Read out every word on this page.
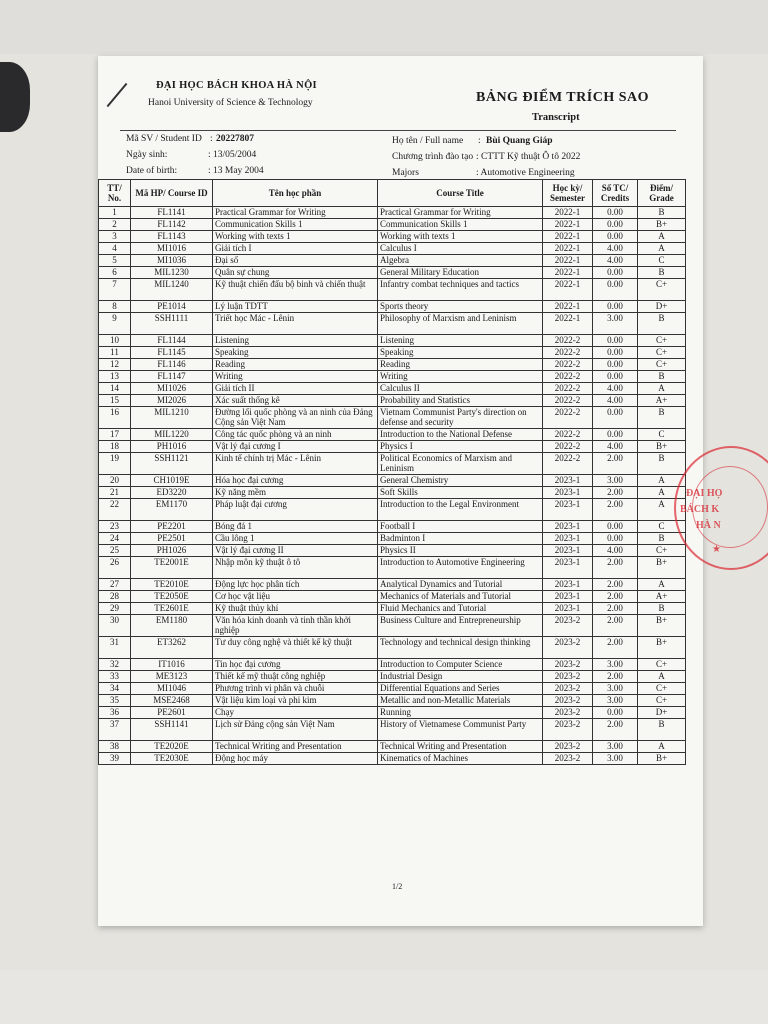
ĐẠI HỌC BÁCH KHOA HÀ NỘI
Hanoi University of Science & Technology	BẢNG ĐIỂM TRÍCH SAO
Transcript
Mã SV / Student ID : 20227807
Ngày sinh:	: 13/05/2004
Date of birth:	: 13 May 2004
Họ tên / Full name : Bùi Quang Giáp
Chương trình đào tạo : CTTT Kỹ thuật Ô tô 2022
Majors	: Automotive Engineering
TT/ No.	Mã HP/ Course ID	Tên học phần	Course Title	Học kỳ/ Semester	Số TC/ Credits	Điểm/ Grade
1	FL1141	Practical Grammar for Writing	Practical Grammar for Writing	2022-1	0.00	B
2	FL1142	Communication Skills 1	Communication Skills 1	2022-1	0.00	B+
3	FL1143	Working with texts 1	Working with texts 1	2022-1	0.00	A
4	MI1016	Giải tích I	Calculus I	2022-1	4.00	A
5	MI1036	Đại số	Algebra	2022-1	4.00	C
6	MIL1230	Quân sự chung	General Military Education	2022-1	0.00	B
7	MIL1240	Kỹ thuật chiến đấu bộ binh và chiến thuật	Infantry combat techniques and tactics	2022-1	0.00	C+
8	PE1014	Lý luận TDTT	Sports theory	2022-1	0.00	D+
9	SSH1111	Triết học Mác - Lênin	Philosophy of Marxism and Leninism	2022-1	3.00	B
10	FL1144	Listening	Listening	2022-2	0.00	C+
11	FL1145	Speaking	Speaking	2022-2	0.00	C+
12	FL1146	Reading	Reading	2022-2	0.00	C+
13	FL1147	Writing	Writing	2022-2	0.00	B
14	MI1026	Giải tích II	Calculus II	2022-2	4.00	A
15	MI2026	Xác suất thống kê	Probability and Statistics	2022-2	4.00	A+
16	MIL1210	Đường lối quốc phòng và an ninh của Đảng Cộng sản Việt Nam	Vietnam Communist Party's direction on defense and security	2022-2	0.00	B
17	MIL1220	Công tác quốc phòng và an ninh	Introduction to the National Defense	2022-2	0.00	C
18	PH1016	Vật lý đại cương I	Physics I	2022-2	4.00	B+
19	SSH1121	Kinh tế chính trị Mác - Lênin	Political Economics of Marxism and Leninism	2022-2	2.00	B
20	CH1019E	Hóa học đại cương	General Chemistry	2023-1	3.00	A
21	ED3220	Kỹ năng mềm	Soft Skills	2023-1	2.00	A
22	EM1170	Pháp luật đại cương	Introduction to the Legal Environment	2023-1	2.00	A
23	PE2201	Bóng đá 1	Football I	2023-1	0.00	C
24	PE2501	Cầu lông 1	Badminton I	2023-1	0.00	B
25	PH1026	Vật lý đại cương II	Physics II	2023-1	4.00	C+
26	TE2001E	Nhập môn kỹ thuật ô tô	Introduction to Automotive Engineering	2023-1	2.00	B+
27	TE2010E	Động lực học phân tích	Analytical Dynamics and Tutorial	2023-1	2.00	A
28	TE2050E	Cơ học vật liệu	Mechanics of Materials and Tutorial	2023-1	2.00	A+
29	TE2601E	Kỹ thuật thủy khí	Fluid Mechanics and Tutorial	2023-1	2.00	B
30	EM1180	Văn hóa kinh doanh và tinh thần khởi nghiệp	Business Culture and Entrepreneurship	2023-2	2.00	B+
31	ET3262	Tư duy công nghệ và thiết kế kỹ thuật	Technology and technical design thinking	2023-2	2.00	B+
32	IT1016	Tin học đại cương	Introduction to Computer Science	2023-2	3.00	C+
33	ME3123	Thiết kế mỹ thuật công nghiệp	Industrial Design	2023-2	2.00	A
34	MI1046	Phương trình vi phân và chuỗi	Differential Equations and Series	2023-2	3.00	C+
35	MSE2468	Vật liệu kim loại và phi kim	Metallic and non-Metallic Materials	2023-2	3.00	C+
36	PE2601	Chạy	Running	2023-2	0.00	D+
37	SSH1141	Lịch sử Đảng cộng sản Việt Nam	History of Vietnamese Communist Party	2023-2	2.00	B
38	TE2020E	Technical Writing and Presentation	Technical Writing and Presentation	2023-2	3.00	A
39	TE2030E	Động học máy	Kinematics of Machines	2023-2	3.00	B+
1/2
ĐẠI HỌ
BÁCH K
HÀ N
★
